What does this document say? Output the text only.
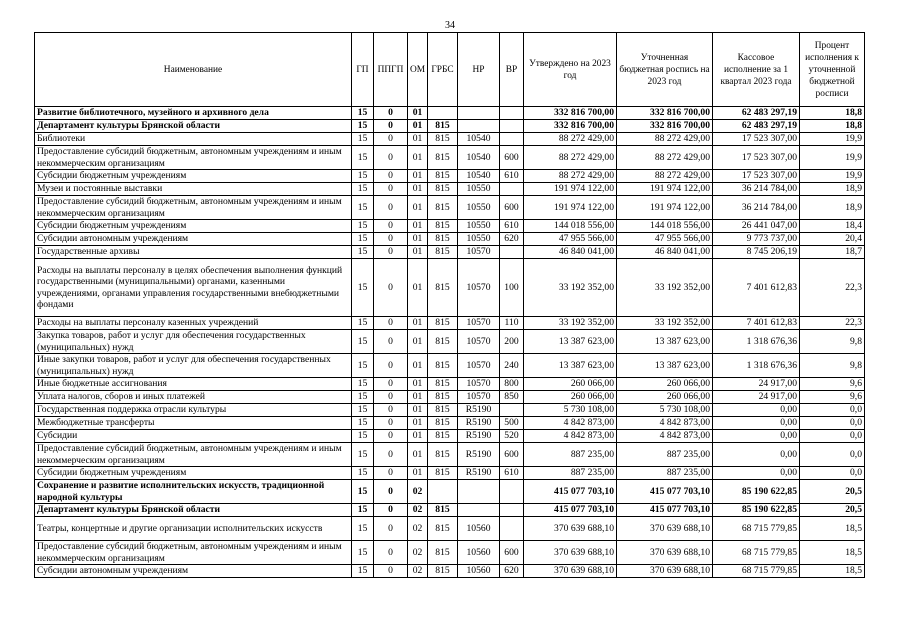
34
Наименование	ГП	ППГП	ОМ	ГРБС	НР	ВР	Утверждено на 2023 год	Уточненная бюджетная роспись на 2023 год	Кассовое исполнение за 1 квартал 2023 года	Процент исполнения к уточненной бюджетной росписи
Развитие библиотечного, музейного и архивного дела	15	0	01				332 816 700,00	332 816 700,00	62 483 297,19	18,8
Департамент культуры Брянской области	15	0	01	815			332 816 700,00	332 816 700,00	62 483 297,19	18,8
Библиотеки	15	0	01	815	10540		88 272 429,00	88 272 429,00	17 523 307,00	19,9
Предоставление субсидий бюджетным, автономным учреждениям и иным некоммерческим организациям	15	0	01	815	10540	600	88 272 429,00	88 272 429,00	17 523 307,00	19,9
Субсидии бюджетным учреждениям	15	0	01	815	10540	610	88 272 429,00	88 272 429,00	17 523 307,00	19,9
Музеи и постоянные выставки	15	0	01	815	10550		191 974 122,00	191 974 122,00	36 214 784,00	18,9
Предоставление субсидий бюджетным, автономным учреждениям и иным некоммерческим организациям	15	0	01	815	10550	600	191 974 122,00	191 974 122,00	36 214 784,00	18,9
Субсидии бюджетным учреждениям	15	0	01	815	10550	610	144 018 556,00	144 018 556,00	26 441 047,00	18,4
Субсидии автономным учреждениям	15	0	01	815	10550	620	47 955 566,00	47 955 566,00	9 773 737,00	20,4
Государственные архивы	15	0	01	815	10570		46 840 041,00	46 840 041,00	8 745 206,19	18,7
Расходы на выплаты персоналу в целях обеспечения выполнения функций государственными (муниципальными) органами, казенными учреждениями, органами управления государственными внебюджетными фондами	15	0	01	815	10570	100	33 192 352,00	33 192 352,00	7 401 612,83	22,3
Расходы на выплаты персоналу казенных учреждений	15	0	01	815	10570	110	33 192 352,00	33 192 352,00	7 401 612,83	22,3
Закупка товаров, работ и услуг для обеспечения государственных (муниципальных) нужд	15	0	01	815	10570	200	13 387 623,00	13 387 623,00	1 318 676,36	9,8
Иные закупки товаров, работ и услуг для обеспечения государственных (муниципальных) нужд	15	0	01	815	10570	240	13 387 623,00	13 387 623,00	1 318 676,36	9,8
Иные бюджетные ассигнования	15	0	01	815	10570	800	260 066,00	260 066,00	24 917,00	9,6
Уплата налогов, сборов и иных платежей	15	0	01	815	10570	850	260 066,00	260 066,00	24 917,00	9,6
Государственная поддержка отрасли культуры	15	0	01	815	R5190		5 730 108,00	5 730 108,00	0,00	0,0
Межбюджетные трансферты	15	0	01	815	R5190	500	4 842 873,00	4 842 873,00	0,00	0,0
Субсидии	15	0	01	815	R5190	520	4 842 873,00	4 842 873,00	0,00	0,0
Предоставление субсидий бюджетным, автономным учреждениям и иным некоммерческим организациям	15	0	01	815	R5190	600	887 235,00	887 235,00	0,00	0,0
Субсидии бюджетным учреждениям	15	0	01	815	R5190	610	887 235,00	887 235,00	0,00	0,0
Сохранение и развитие исполнительских искусств, традиционной народной культуры	15	0	02				415 077 703,10	415 077 703,10	85 190 622,85	20,5
Департамент культуры Брянской области	15	0	02	815			415 077 703,10	415 077 703,10	85 190 622,85	20,5
Театры, концертные и другие организации исполнительских искусств	15	0	02	815	10560		370 639 688,10	370 639 688,10	68 715 779,85	18,5
Предоставление субсидий бюджетным, автономным учреждениям и иным некоммерческим организациям	15	0	02	815	10560	600	370 639 688,10	370 639 688,10	68 715 779,85	18,5
Субсидии автономным учреждениям	15	0	02	815	10560	620	370 639 688,10	370 639 688,10	68 715 779,85	18,5
